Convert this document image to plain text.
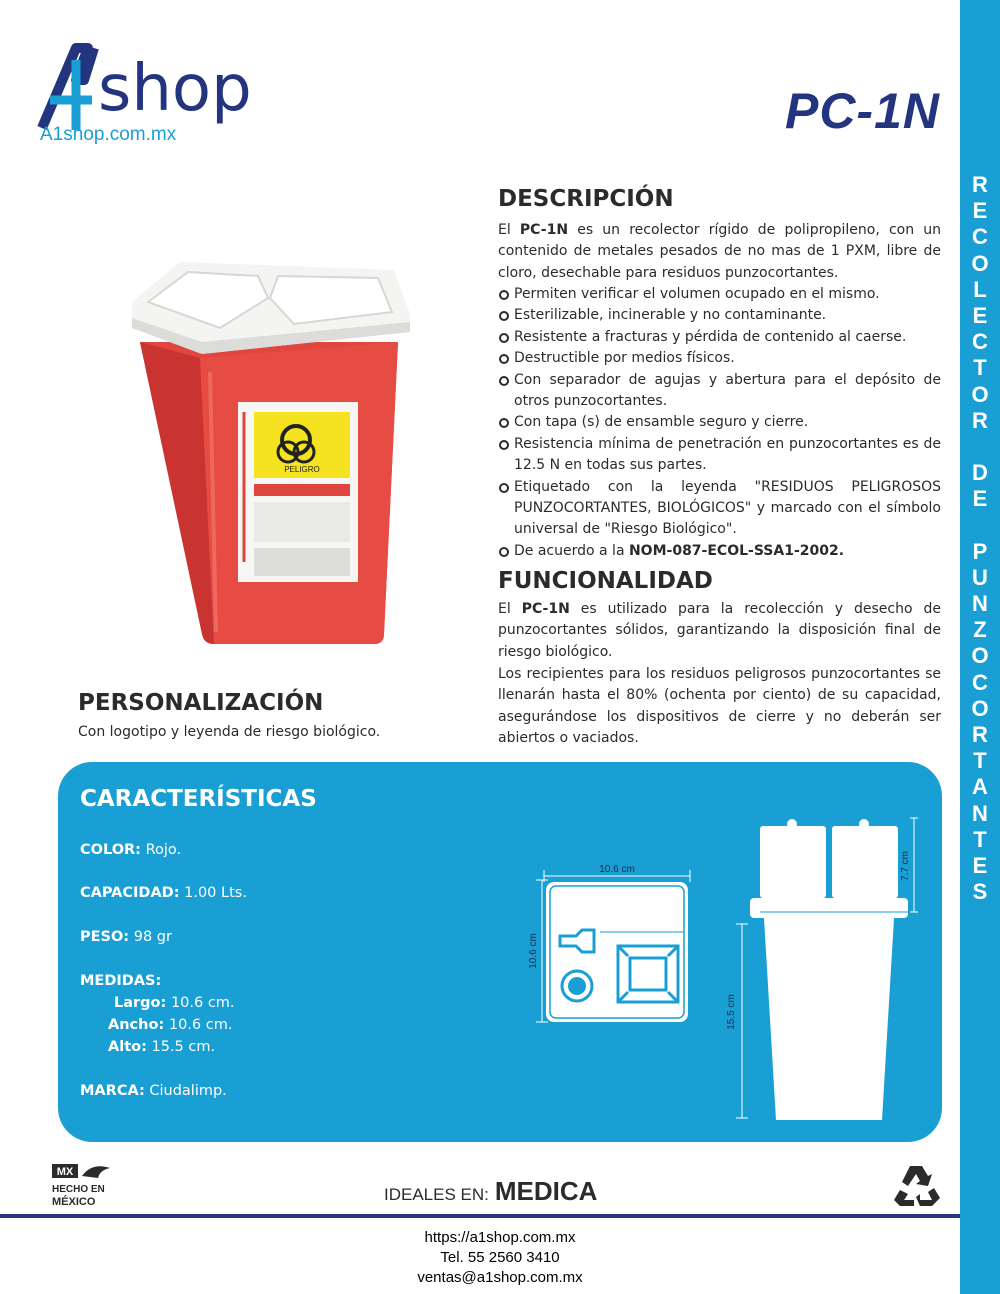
R
E
C
O
L
E
C
T
O
R

D
E

P
U
N
Z
O
C
O
R
T
A
N
T
E
S
shop
A1shop.com.mx	PC-1N
PELIGRO
DESCRIPCIÓN

El PC-1N es un recolector rígido de polipropileno, con un contenido de metales pesados de no mas de 1 PXM, libre de cloro, desechable para residuos punzocortantes.

Permiten verificar el volumen ocupado en el mismo.
Esterilizable, incinerable y no contaminante.
Resistente a fracturas y pérdida de contenido al caerse.
Destructible por medios físicos.
Con separador de agujas y abertura para el depósito de otros punzocortantes.
Con tapa (s) de ensamble seguro y cierre.
Resistencia mínima de penetración en punzocortantes es de 12.5 N en todas sus partes.
Etiquetado con la leyenda "RESIDUOS PELIGROSOS PUNZOCORTANTES, BIOLÓGICOS" y marcado con el símbolo universal de "Riesgo Biológico".
De acuerdo a la NOM-087-ECOL-SSA1-2002.
FUNCIONALIDAD

El PC-1N es utilizado para la recolección y desecho de punzocortantes sólidos, garantizando la disposición final de riesgo biológico.

Los recipientes para los residuos peligrosos punzocortantes se llenarán hasta el 80% (ochenta por ciento) de su capacidad, asegurándose los dispositivos de cierre y no deberán ser abiertos o vaciados.

PERSONALIZACIÓN

Con logotipo y leyenda de riesgo biológico.

CARACTERÍSTICAS

COLOR: Rojo.

CAPACIDAD: 1.00 Lts.

PESO: 98 gr

MEDIDAS:

Largo: 10.6 cm.

Ancho: 10.6 cm.

Alto: 15.5 cm.

MARCA: Ciudalimp.

10.6 cm
10.6 cm
7.7 cm
15.5 cm
MX
HECHO EN
MÉXICO	IDEALES EN: MEDICA
https://a1shop.com.mx
Tel. 55 2560 3410
ventas@a1shop.com.mx
